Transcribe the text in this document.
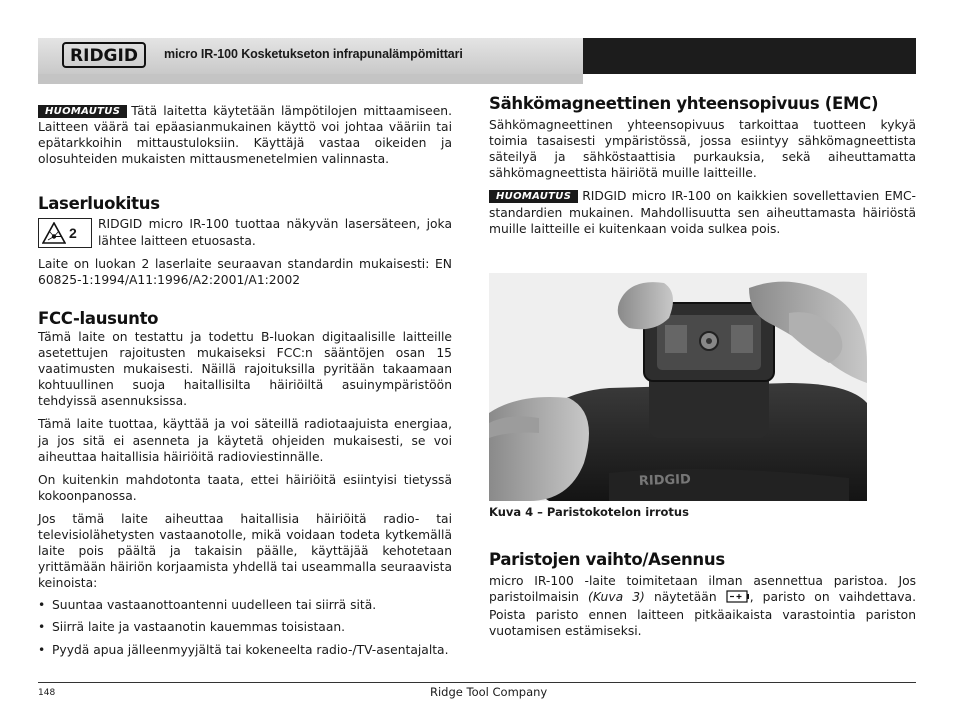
RIDGID micro IR-100 Kosketukseton infrapunalämpömittari

HUOMAUTUS Tätä laitetta käytetään lämpötilojen mittaamiseen. Laitteen väärä tai epäasianmukainen käyttö voi johtaa vääriin tai epätarkkoihin mittaustuloksiin. Käyttäjä vastaa oikeiden ja olosuhteiden mukaisten mittausmenetelmien valinnasta.

Laserluokitus
2

RIDGID micro IR-100 tuottaa näkyvän lasersäteen, joka lähtee laitteen etuosasta.

Laite on luokan 2 laserlaite seuraavan standardin mukaisesti: EN 60825-1:1994/A11:1996/A2:2001/A1:2002

FCC-lausunto

Tämä laite on testattu ja todettu B-luokan digitaalisille laitteille asetettujen rajoitusten mukaiseksi FCC:n sääntöjen osan 15 vaatimusten mukaisesti. Näillä rajoituksilla pyritään takaamaan kohtuullinen suoja haitallisilta häiriöiltä asuinympäristöön tehdyissä asennuksissa.

Tämä laite tuottaa, käyttää ja voi säteillä radiotaajuista energiaa, ja jos sitä ei asenneta ja käytetä ohjeiden mukaisesti, se voi aiheuttaa haitallisia häiriöitä radioviestinnälle.

On kuitenkin mahdotonta taata, ettei häiriöitä esiintyisi tietyssä kokoonpanossa.

Jos tämä laite aiheuttaa haitallisia häiriöitä radio- tai televisiolähetysten vastaanotolle, mikä voidaan todeta kytkemällä laite pois päältä ja takaisin päälle, käyttäjää kehotetaan yrittämään häiriön korjaamista yhdellä tai useammalla seuraavista keinoista:

• Suuntaa vastaanottoantenni uudelleen tai siirrä sitä.
• Siirrä laite ja vastaanotin kauemmas toisistaan.
• Pyydä apua jälleenmyyjältä tai kokeneelta radio-/TV-asentajalta.
Sähkömagneettinen yhteensopivuus (EMC)

Sähkömagneettinen yhteensopivuus tarkoittaa tuotteen kykyä toimia tasaisesti ympäristössä, jossa esiintyy sähkömagneettista säteilyä ja sähköstaattisia purkauksia, sekä aiheuttamatta sähkömagneettista häiriötä muille laitteille.

HUOMAUTUS RIDGID micro IR-100 on kaikkien sovellettavien EMC-standardien mukainen. Mahdollisuutta sen aiheuttamasta häiriöstä muille laitteille ei kuitenkaan voida sulkea pois.

RIDGID
Kuva 4 – Paristokotelon irrotus
Paristojen vaihto/Asennus

micro IR-100 -laite toimitetaan ilman asennettua paristoa. Jos paristoilmaisin (Kuva 3) näytetään	, paristo on vaihdettava. Poista paristo ennen laitteen pitkäaikaista varastointia pariston vuotamisen estämiseksi.

148	Ridge Tool Company
